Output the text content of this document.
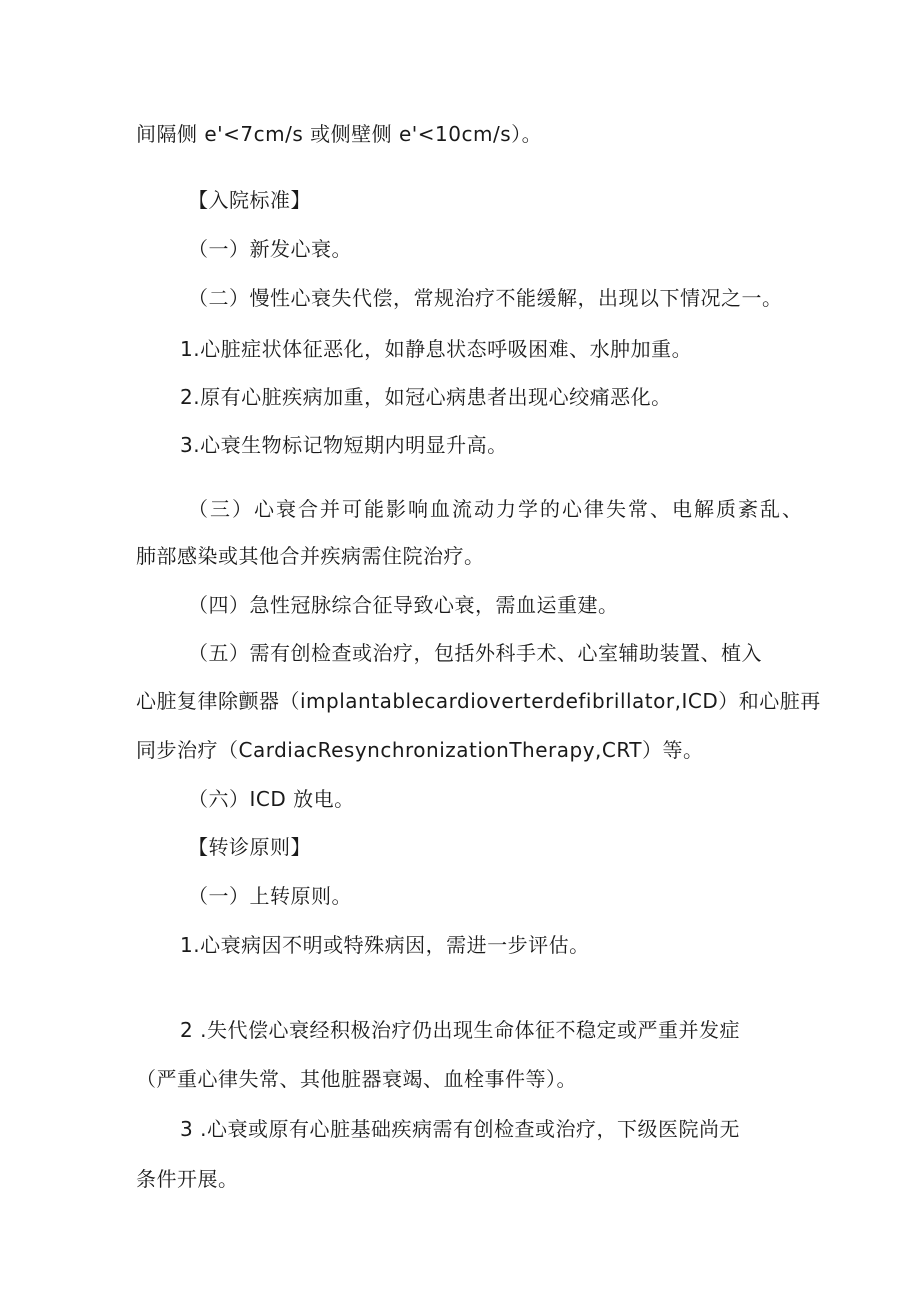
间隔侧 e'<7cm/s 或侧壁侧 e'<10cm/s）。
【入院标准】
（一）新发心衰。
（二）慢性心衰失代偿，常规治疗不能缓解，出现以下情况之一。
1.心脏症状体征恶化，如静息状态呼吸困难、水肿加重。
2.原有心脏疾病加重，如冠心病患者出现心绞痛恶化。
3.心衰生物标记物短期内明显升高。
（三）心衰合并可能影响血流动力学的心律失常、电解质紊乱、
肺部感染或其他合并疾病需住院治疗。
（四）急性冠脉综合征导致心衰，需血运重建。
（五）需有创检查或治疗，包括外科手术、心室辅助装置、植入
心脏复律除颤器（implantablecardioverterdefibrillator,ICD）和心脏再
同步治疗（CardiacResynchronizationTherapy,CRT）等。
（六）ICD 放电。
【转诊原则】
（一）上转原则。
1.心衰病因不明或特殊病因，需进一步评估。
2 .失代偿心衰经积极治疗仍出现生命体征不稳定或严重并发症
（严重心律失常、其他脏器衰竭、血栓事件等）。
3 .心衰或原有心脏基础疾病需有创检查或治疗，下级医院尚无
条件开展。
